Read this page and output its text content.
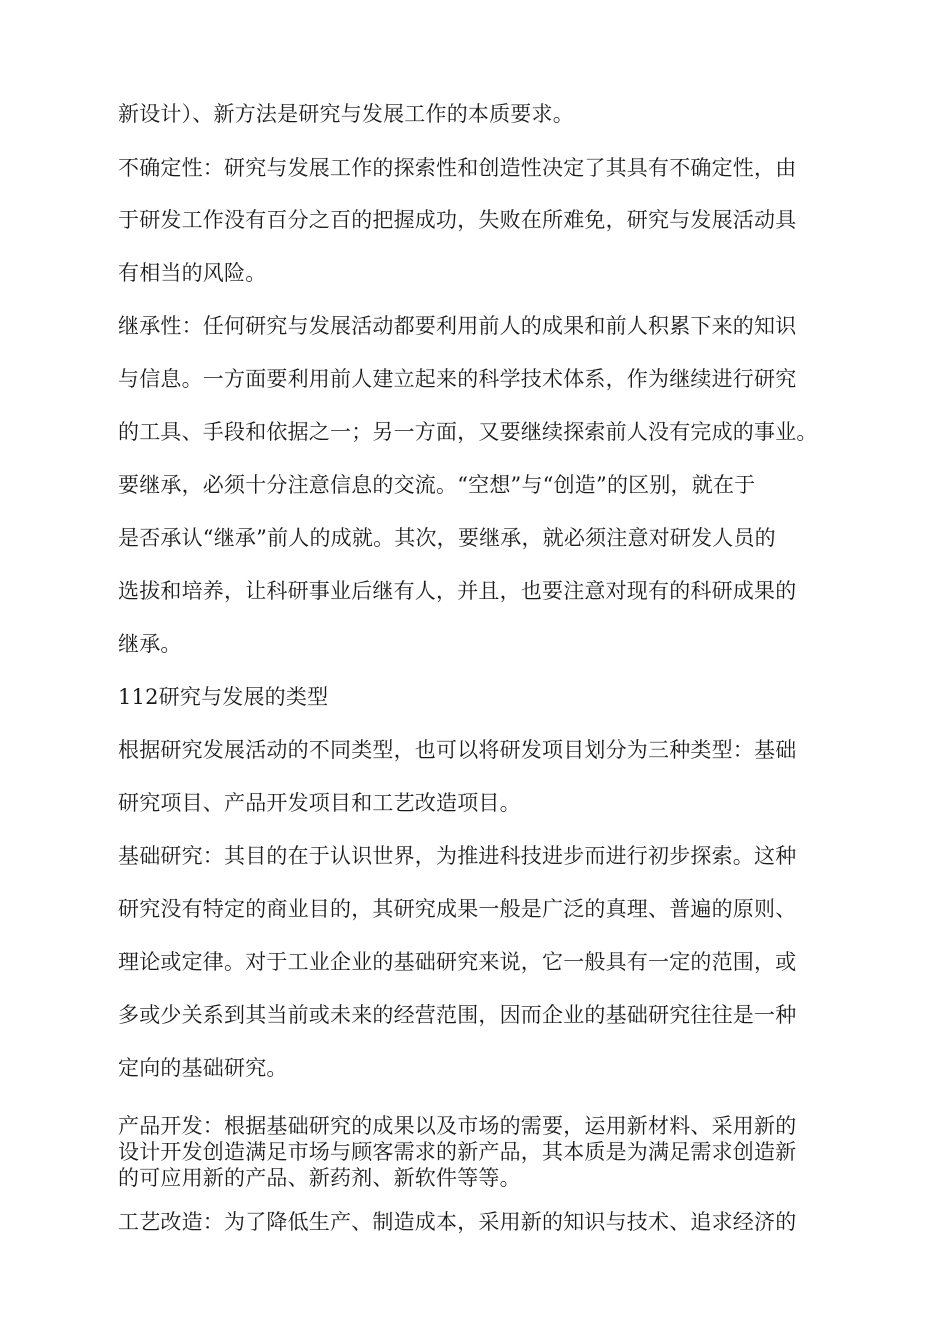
新设计）、新方法是研究与发展工作的本质要求。
不确定性：研究与发展工作的探索性和创造性决定了其具有不确定性，由
于研发工作没有百分之百的把握成功，失败在所难免，研究与发展活动具
有相当的风险。
继承性：任何研究与发展活动都要利用前人的成果和前人积累下来的知识
与信息。一方面要利用前人建立起来的科学技术体系，作为继续进行研究
的工具、手段和依据之一；另一方面，又要继续探索前人没有完成的事业。
要继承，必须十分注意信息的交流。“空想”与“创造”的区别，就在于
是否承认“继承”前人的成就。其次，要继承，就必须注意对研发人员的
选拔和培养，让科研事业后继有人，并且，也要注意对现有的科研成果的
继承。
112研究与发展的类型
根据研究发展活动的不同类型，也可以将研发项目划分为三种类型：基础
研究项目、产品开发项目和工艺改造项目。
基础研究：其目的在于认识世界，为推进科技进步而进行初步探索。这种
研究没有特定的商业目的，其研究成果一般是广泛的真理、普遍的原则、
理论或定律。对于工业企业的基础研究来说，它一般具有一定的范围，或
多或少关系到其当前或未来的经营范围，因而企业的基础研究往往是一种
定向的基础研究。
产品开发：根据基础研究的成果以及市场的需要，运用新材料、采用新的
设计开发创造满足市场与顾客需求的新产品，其本质是为满足需求创造新
的可应用新的产品、新药剂、新软件等等。
工艺改造：为了降低生产、制造成本，采用新的知识与技术、追求经济的
